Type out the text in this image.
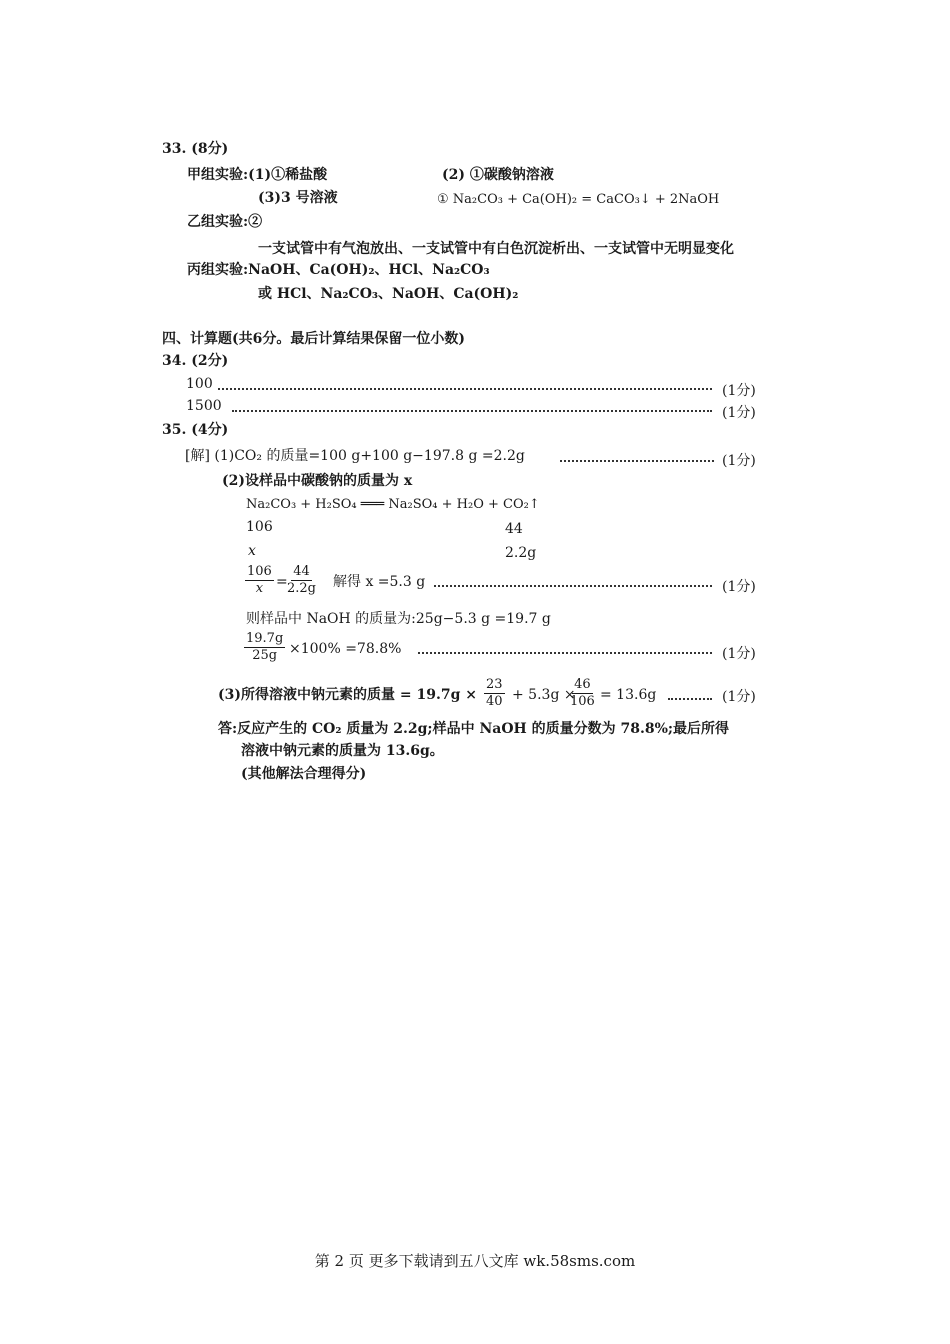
33. (8分)
甲组实验:(1)①稀盐酸	(2) ①碳酸钠溶液
(3)3 号溶液	① Na₂CO₃ + Ca(OH)₂ = CaCO₃↓ + 2NaOH
乙组实验:②
一支试管中有气泡放出、一支试管中有白色沉淀析出、一支试管中无明显变化
丙组实验:NaOH、Ca(OH)₂、HCl、Na₂CO₃
或 HCl、Na₂CO₃、NaOH、Ca(OH)₂
四、计算题(共6分。最后计算结果保留一位小数)
34. (2分)
100	(1分)
1500	(1分)
35. (4分)
[解] (1)CO₂ 的质量=100 g+100 g−197.8 g =2.2g	(1分)
(2)设样品中碳酸钠的质量为 x
Na₂CO₃ + H₂SO₄ ═══ Na₂SO₄ + H₂O + CO₂↑
106	44
x	2.2g
$\frac{106}{x}$ =
$\frac{44}{2.2g}$ 解得 x =5.3 g	(1分)
则样品中 NaOH 的质量为:25g−5.3 g =19.7 g
$\frac{19.7g}{25g} \times 100\% =78.8\%$	(1分)
(3)所得溶液中钠元素的质量 = $19.7g \times \frac{23}{40} + 5.3g$ ×
$\frac{46}{106} = 13.6g$	(1分)
答:反应产生的 CO₂ 质量为 2.2g;样品中 NaOH 的质量分数为 78.8%;最后所得
溶液中钠元素的质量为 13.6g。
(其他解法合理得分)
第 2 页 更多下载请到五八文库 wk.58sms.com
